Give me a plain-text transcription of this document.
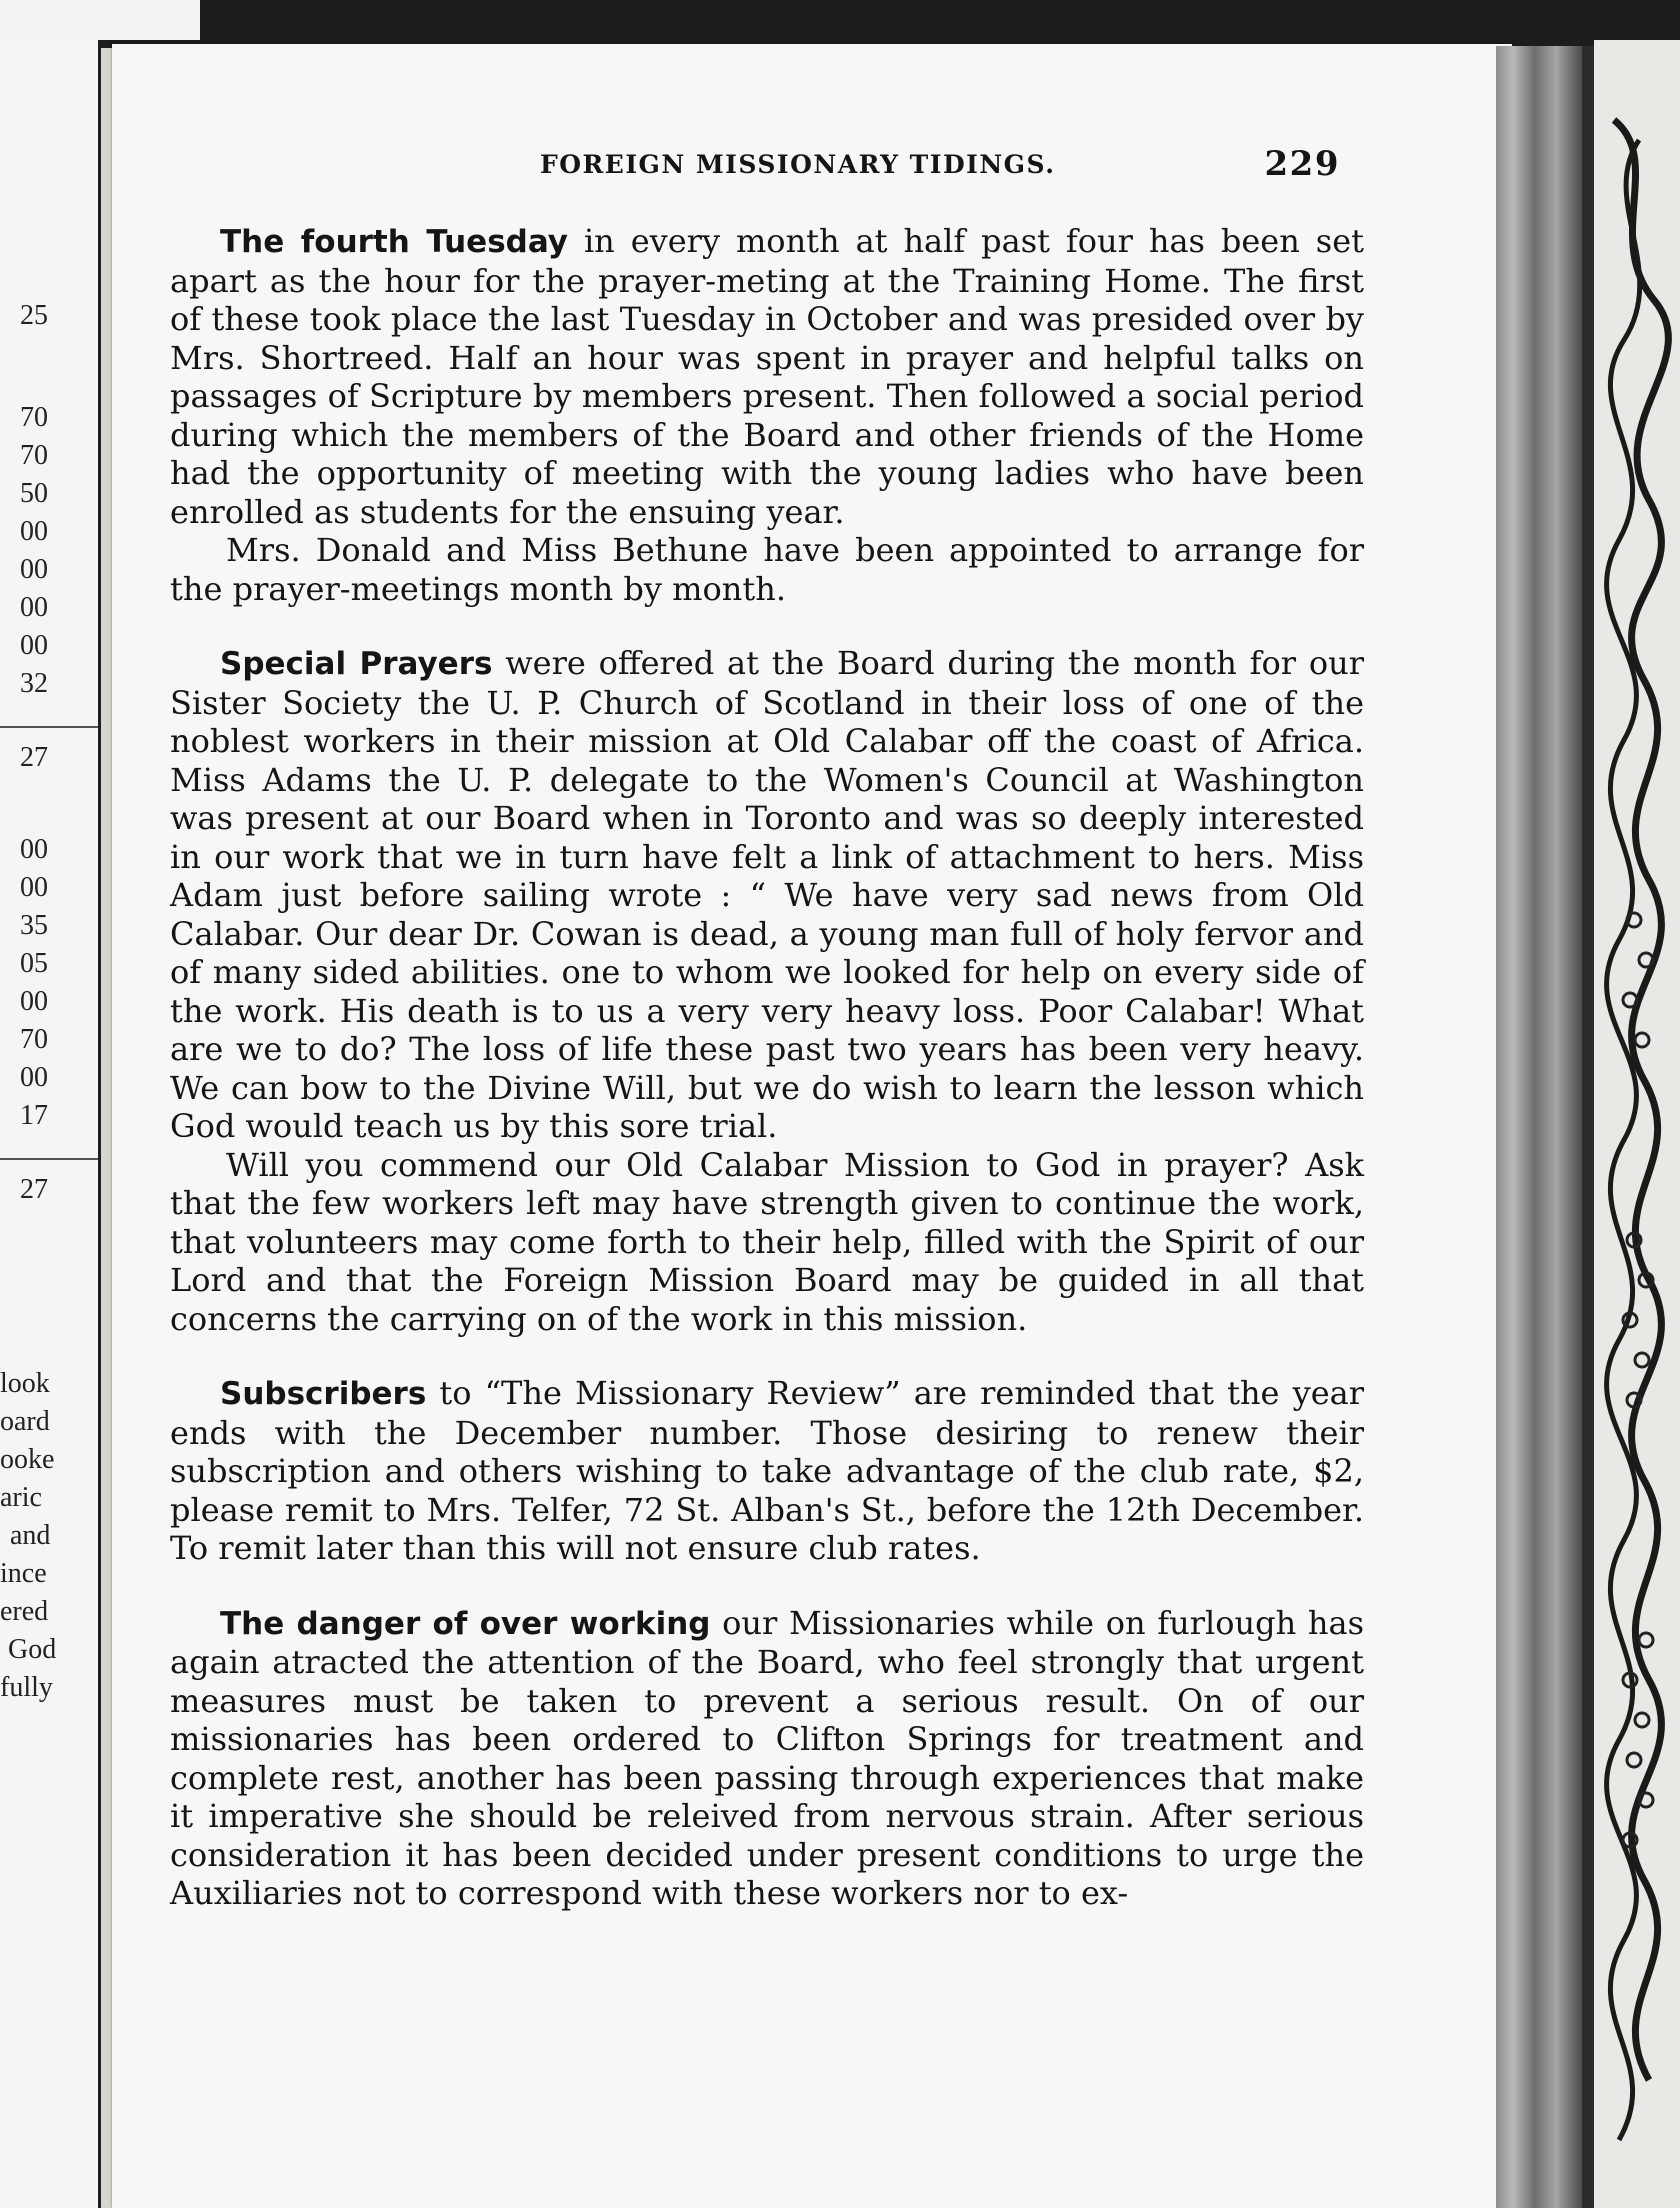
25
70
70
50
00
00
00
00
32
27
00
00
35
05
00
70
00
17
27
look
oard
ooke
aric
and
ince
ered
God
fully
FOREIGN MISSIONARY TIDINGS.	229

The fourth Tuesday in every month at half past four has been set apart as the hour for the prayer-meting at the Training Home. The first of these took place the last Tuesday in October and was presided over by Mrs. Shortreed. Half an hour was spent in prayer and helpful talks on passages of Scripture by members present. Then followed a social period during which the members of the Board and other friends of the Home had the opportunity of meeting with the young ladies who have been enrolled as students for the ensuing year.

Mrs. Donald and Miss Bethune have been appointed to arrange for the prayer-meetings month by month.

Special Prayers were offered at the Board during the month for our Sister Society the U. P. Church of Scotland in their loss of one of the noblest workers in their mission at Old Calabar off the coast of Africa. Miss Adams the U. P. delegate to the Women's Council at Washington was present at our Board when in Toronto and was so deeply interested in our work that we in turn have felt a link of attachment to hers. Miss Adam just before sailing wrote : “ We have very sad news from Old Calabar. Our dear Dr. Cowan is dead, a young man full of holy fervor and of many sided abilities. one to whom we looked for help on every side of the work. His death is to us a very very heavy loss. Poor Calabar! What are we to do? The loss of life these past two years has been very heavy. We can bow to the Divine Will, but we do wish to learn the lesson which God would teach us by this sore trial.

Will you commend our Old Calabar Mission to God in prayer? Ask that the few workers left may have strength given to continue the work, that volunteers may come forth to their help, filled with the Spirit of our Lord and that the Foreign Mission Board may be guided in all that concerns the carrying on of the work in this mission.

Subscribers to “The Missionary Review” are reminded that the year ends with the December number. Those desiring to renew their subscription and others wishing to take advantage of the club rate, $2, please remit to Mrs. Telfer, 72 St. Alban's St., before the 12th December. To remit later than this will not ensure club rates.

The danger of over working our Missionaries while on furlough has again atracted the attention of the Board, who feel strongly that urgent measures must be taken to prevent a serious result. On of our missionaries has been ordered to Clifton Springs for treatment and complete rest, another has been passing through experiences that make it imperative she should be releived from nervous strain. After serious consideration it has been decided under present conditions to urge the Auxiliaries not to correspond with these workers nor to ex-
